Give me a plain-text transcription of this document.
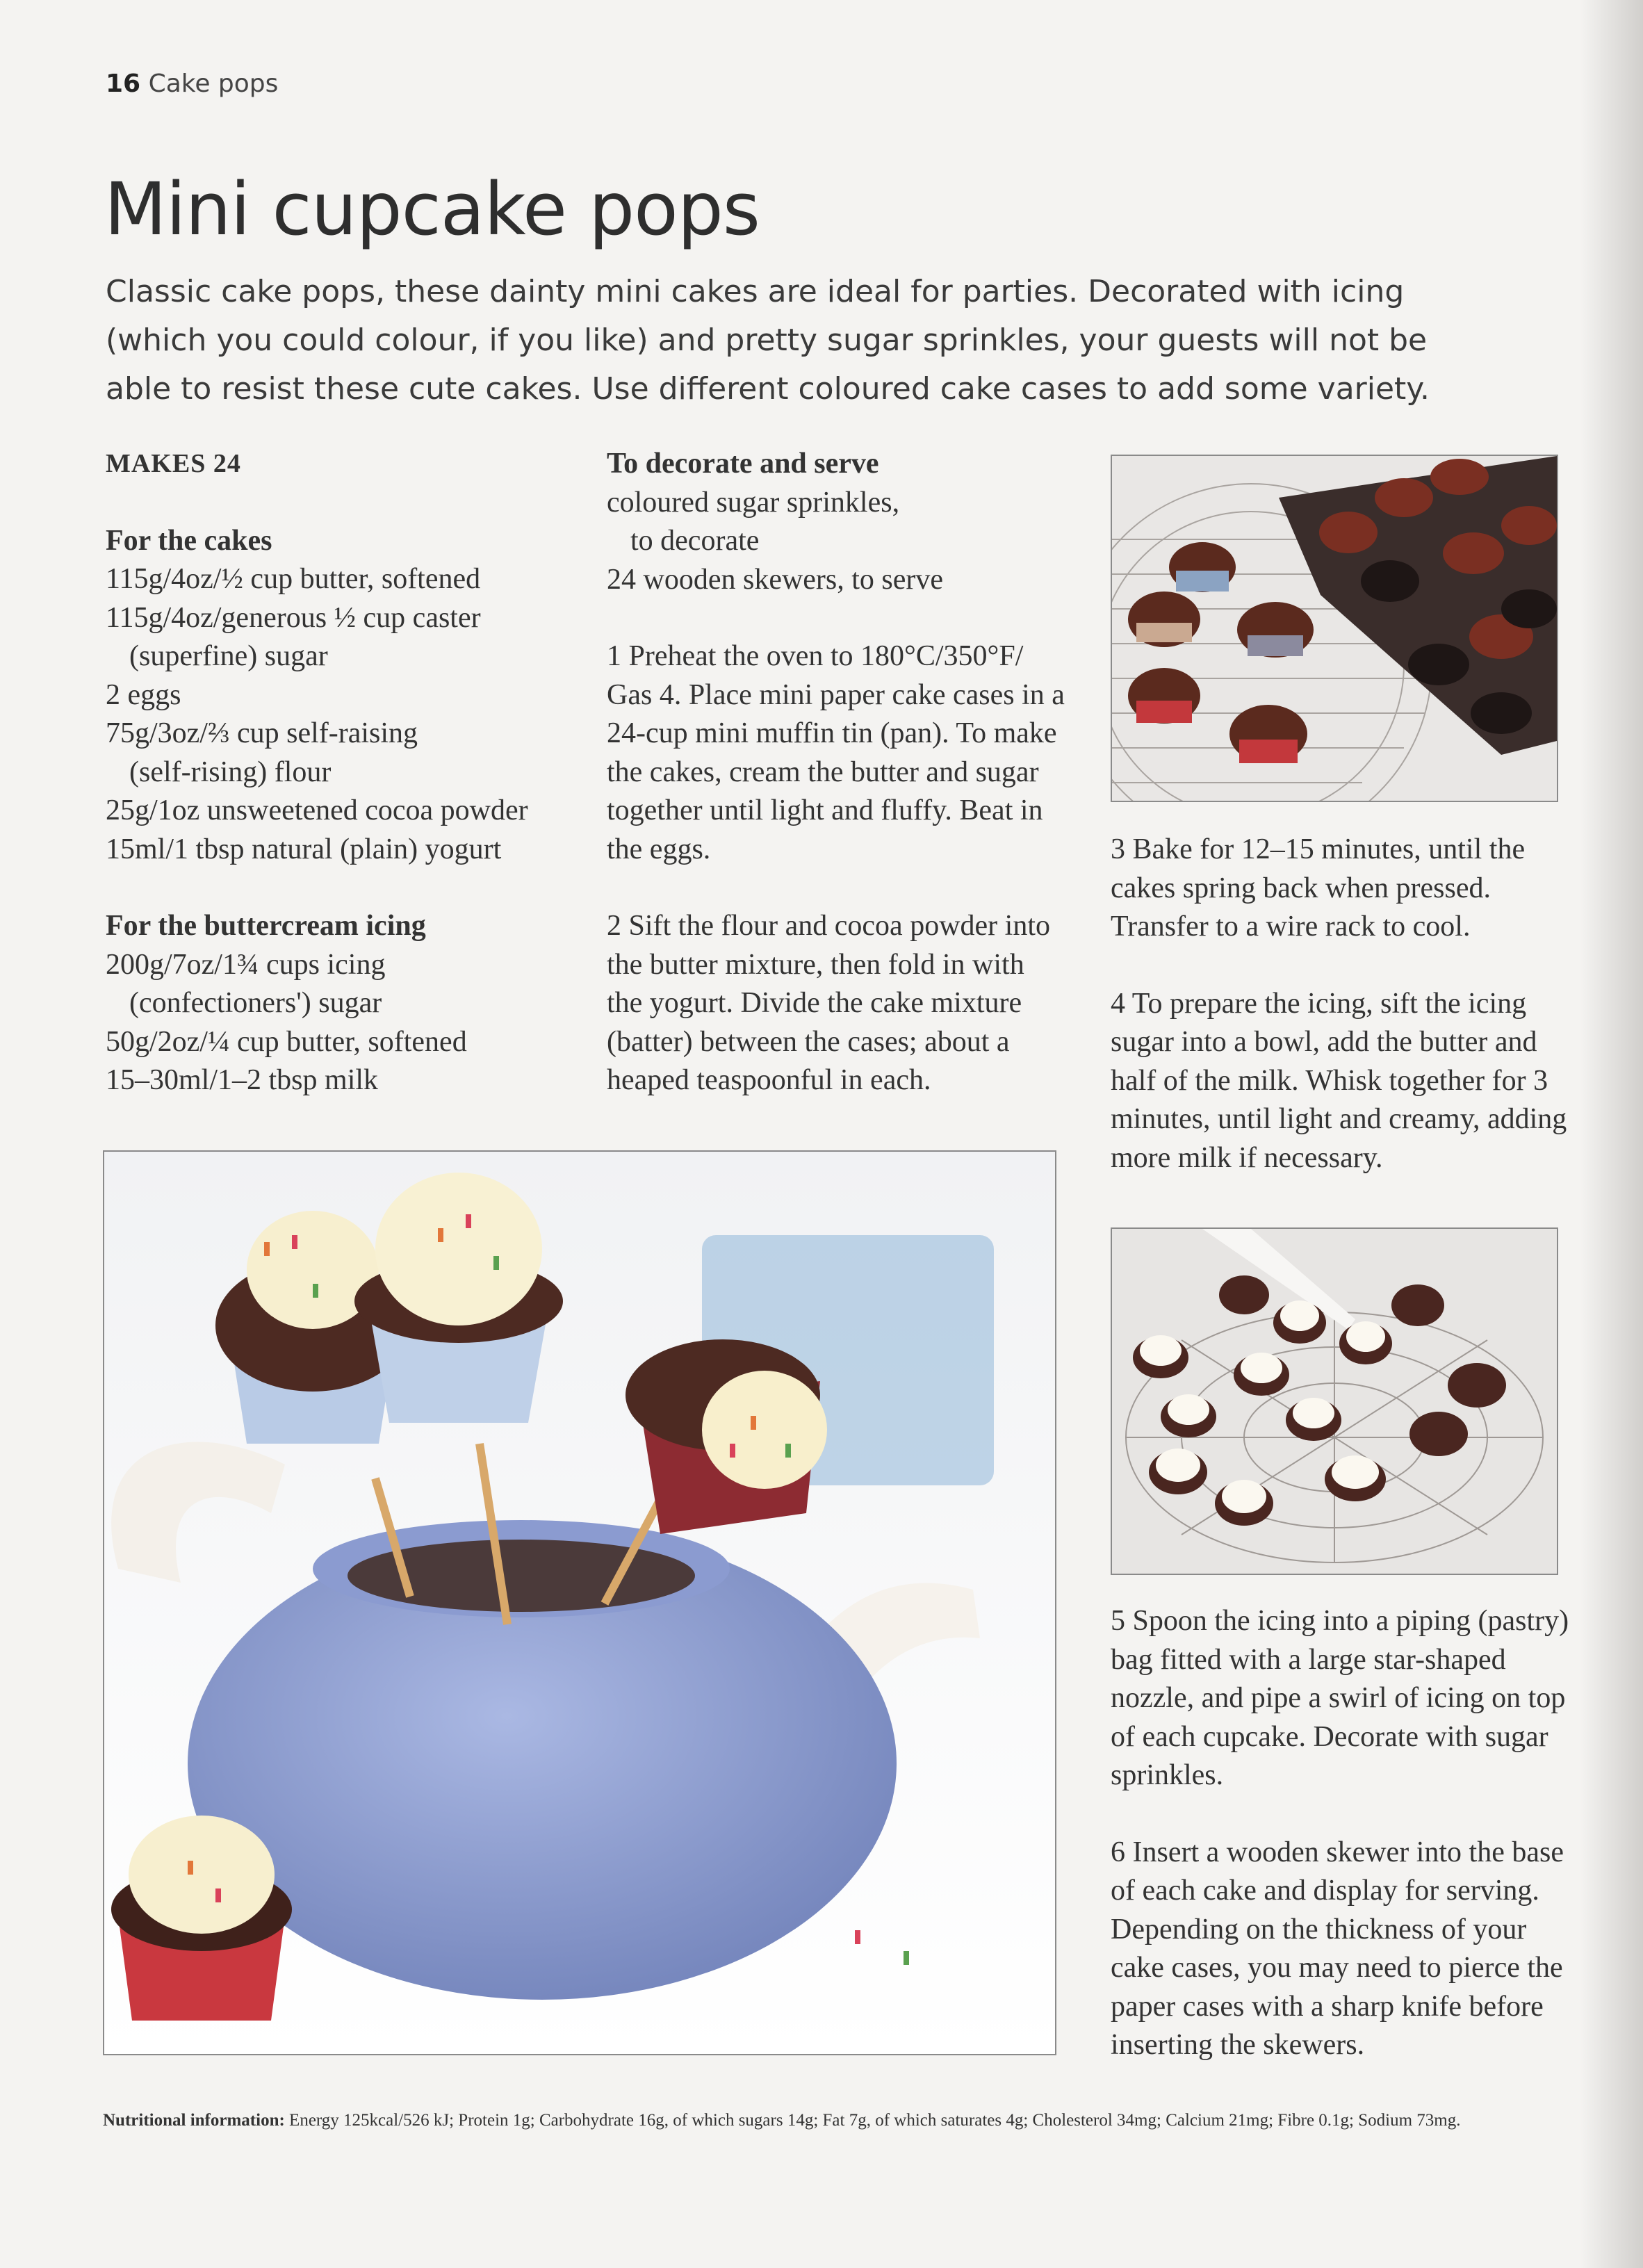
16 Cake pops
Mini cupcake pops

Classic cake pops, these dainty mini cakes are ideal for parties. Decorated with icing (which you could colour, if you like) and pretty sugar sprinkles, your guests will not be able to resist these cute cakes. Use different coloured cake cases to add some variety.

MAKES 24

For the cakes

115g/4oz/½ cup butter, softened

115g/4oz/generous ½ cup caster

(superfine) sugar

2 eggs

75g/3oz/⅔ cup self-raising

(self-rising) flour

25g/1oz unsweetened cocoa powder

15ml/1 tbsp natural (plain) yogurt

For the buttercream icing

200g/7oz/1¾ cups icing

(confectioners') sugar

50g/2oz/¼ cup butter, softened

15–30ml/1–2 tbsp milk

To decorate and serve

coloured sugar sprinkles,

to decorate

24 wooden skewers, to serve

1 Preheat the oven to 180°C/350°F/ Gas 4. Place mini paper cake cases in a 24-cup mini muffin tin (pan). To make the cakes, cream the butter and sugar together until light and fluffy. Beat in the eggs.

2 Sift the flour and cocoa powder into the butter mixture, then fold in with the yogurt. Divide the cake mixture (batter) between the cases; about a heaped teaspoonful in each.

3 Bake for 12–15 minutes, until the cakes spring back when pressed. Transfer to a wire rack to cool.

4 To prepare the icing, sift the icing sugar into a bowl, add the butter and half of the milk. Whisk together for 3 minutes, until light and creamy, adding more milk if necessary.

5 Spoon the icing into a piping (pastry) bag fitted with a large star-shaped nozzle, and pipe a swirl of icing on top of each cupcake. Decorate with sugar sprinkles.

6 Insert a wooden skewer into the base of each cake and display for serving. Depending on the thickness of your cake cases, you may need to pierce the paper cases with a sharp knife before inserting the skewers.

Nutritional information: Energy 125kcal/526 kJ; Protein 1g; Carbohydrate 16g, of which sugars 14g; Fat 7g, of which saturates 4g; Cholesterol 34mg; Calcium 21mg; Fibre 0.1g; Sodium 73mg.
